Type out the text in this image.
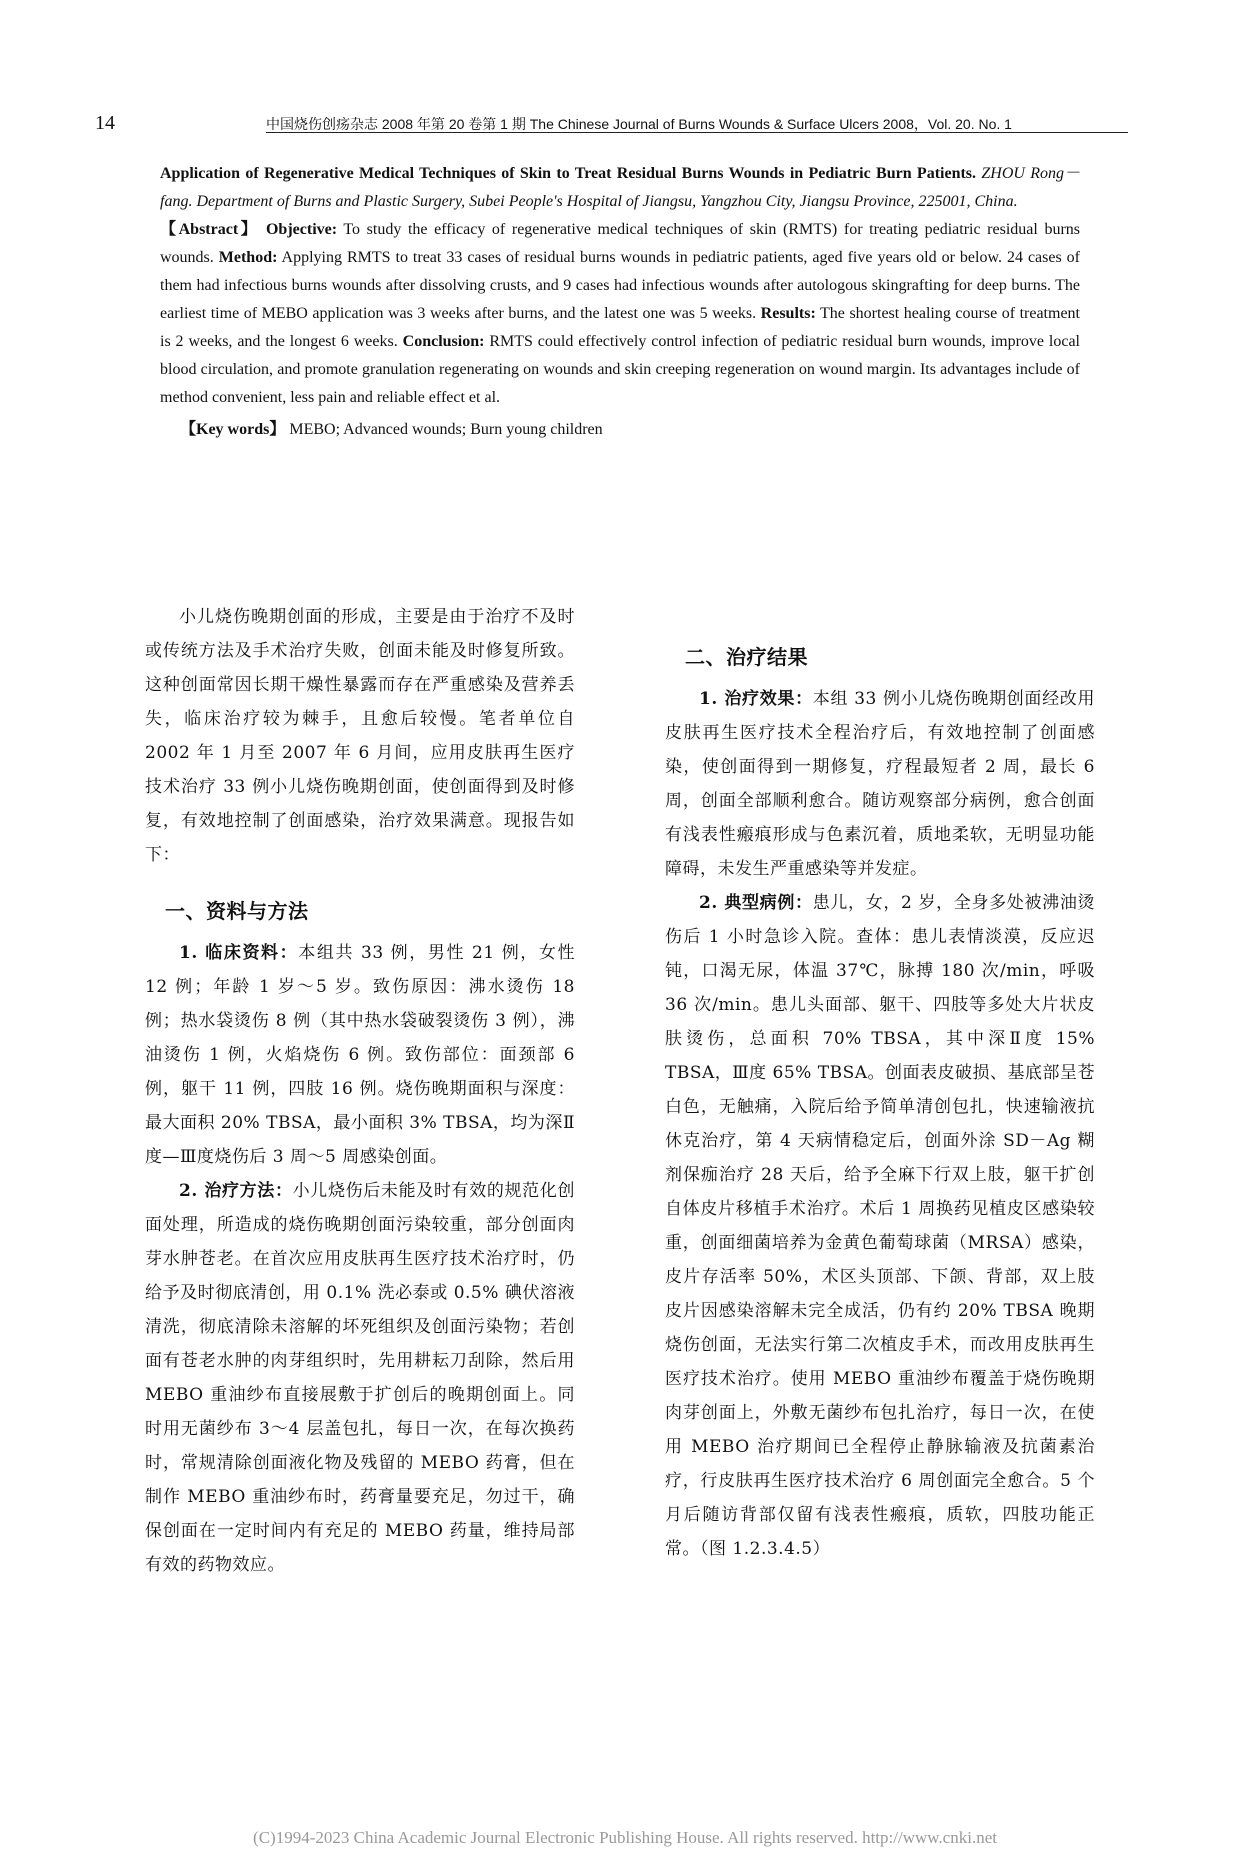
14	中国烧伤创疡杂志 2008 年第 20 卷第 1 期 The Chinese Journal of Burns Wounds & Surface Ulcers 2008，Vol. 20. No. 1

Application of Regenerative Medical Techniques of Skin to Treat Residual Burns Wounds in Pediatric Burn Patients. ZHOU Rong－fang. Department of Burns and Plastic Surgery, Subei People's Hospital of Jiangsu, Yangzhou City, Jiangsu Province, 225001, China.

【Abstract】 Objective: To study the efficacy of regenerative medical techniques of skin (RMTS) for treating pediatric residual burns wounds. Method: Applying RMTS to treat 33 cases of residual burns wounds in pediatric patients, aged five years old or below. 24 cases of them had infectious burns wounds after dissolving crusts, and 9 cases had infectious wounds after autologous skingrafting for deep burns. The earliest time of MEBO application was 3 weeks after burns, and the latest one was 5 weeks. Results: The shortest healing course of treatment is 2 weeks, and the longest 6 weeks. Conclusion: RMTS could effectively control infection of pediatric residual burn wounds, improve local blood circulation, and promote granulation regenerating on wounds and skin creeping regeneration on wound margin. Its advantages include of method convenient, less pain and reliable effect et al.

【Key words】 MEBO; Advanced wounds; Burn young children

小儿烧伤晚期创面的形成，主要是由于治疗不及时或传统方法及手术治疗失败，创面未能及时修复所致。这种创面常因长期干燥性暴露而存在严重感染及营养丢失，临床治疗较为棘手，且愈后较慢。笔者单位自 2002 年 1 月至 2007 年 6 月间，应用皮肤再生医疗技术治疗 33 例小儿烧伤晚期创面，使创面得到及时修复，有效地控制了创面感染，治疗效果满意。现报告如下：

一、资料与方法

1. 临床资料：本组共 33 例，男性 21 例，女性 12 例；年龄 1 岁～5 岁。致伤原因：沸水烫伤 18 例；热水袋烫伤 8 例（其中热水袋破裂烫伤 3 例），沸油烫伤 1 例，火焰烧伤 6 例。致伤部位：面颈部 6 例，躯干 11 例，四肢 16 例。烧伤晚期面积与深度：最大面积 20% TBSA，最小面积 3% TBSA，均为深Ⅱ度—Ⅲ度烧伤后 3 周～5 周感染创面。

2. 治疗方法：小儿烧伤后未能及时有效的规范化创面处理，所造成的烧伤晚期创面污染较重，部分创面肉芽水肿苍老。在首次应用皮肤再生医疗技术治疗时，仍给予及时彻底清创，用 0.1% 洗必泰或 0.5% 碘伏溶液清洗，彻底清除未溶解的坏死组织及创面污染物；若创面有苍老水肿的肉芽组织时，先用耕耘刀刮除，然后用 MEBO 重油纱布直接展敷于扩创后的晚期创面上。同时用无菌纱布 3～4 层盖包扎，每日一次，在每次换药时，常规清除创面液化物及残留的 MEBO 药膏，但在制作 MEBO 重油纱布时，药膏量要充足，勿过干，确保创面在一定时间内有充足的 MEBO 药量，维持局部有效的药物效应。

二、治疗结果

1. 治疗效果：本组 33 例小儿烧伤晚期创面经改用皮肤再生医疗技术全程治疗后，有效地控制了创面感染，使创面得到一期修复，疗程最短者 2 周，最长 6 周，创面全部顺利愈合。随访观察部分病例，愈合创面有浅表性瘢痕形成与色素沉着，质地柔软，无明显功能障碍，未发生严重感染等并发症。

2. 典型病例：患儿，女，2 岁，全身多处被沸油烫伤后 1 小时急诊入院。查体：患儿表情淡漠，反应迟钝，口渴无尿，体温 37℃，脉搏 180 次/min，呼吸 36 次/min。患儿头面部、躯干、四肢等多处大片状皮肤烫伤，总面积 70% TBSA，其中深Ⅱ度 15% TBSA，Ⅲ度 65% TBSA。创面表皮破损、基底部呈苍白色，无触痛，入院后给予简单清创包扎，快速输液抗休克治疗，第 4 天病情稳定后，创面外涂 SD－Ag 糊剂保痂治疗 28 天后，给予全麻下行双上肢，躯干扩创自体皮片移植手术治疗。术后 1 周换药见植皮区感染较重，创面细菌培养为金黄色葡萄球菌（MRSA）感染，皮片存活率 50%，术区头顶部、下颌、背部，双上肢皮片因感染溶解未完全成活，仍有约 20% TBSA 晚期烧伤创面，无法实行第二次植皮手术，而改用皮肤再生医疗技术治疗。使用 MEBO 重油纱布覆盖于烧伤晚期肉芽创面上，外敷无菌纱布包扎治疗，每日一次，在使用 MEBO 治疗期间已全程停止静脉输液及抗菌素治疗，行皮肤再生医疗技术治疗 6 周创面完全愈合。5 个月后随访背部仅留有浅表性瘢痕，质软，四肢功能正常。（图 1.2.3.4.5）

(C)1994-2023 China Academic Journal Electronic Publishing House. All rights reserved. http://www.cnki.net
